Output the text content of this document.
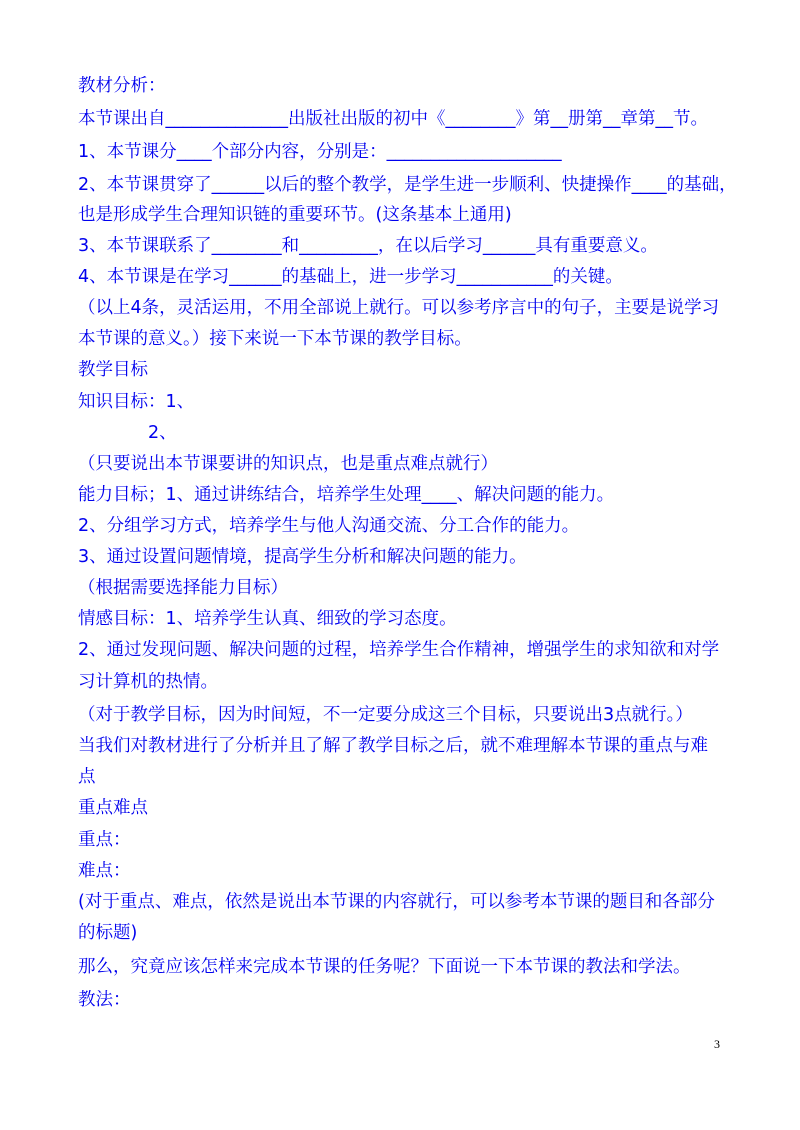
教材分析：
本节课出自______________出版社出版的初中《________》第__册第__章第__节。
1、本节课分____个部分内容，分别是：____________________
2、本节课贯穿了______以后的整个教学，是学生进一步顺利、快捷操作____的基础，
也是形成学生合理知识链的重要环节。(这条基本上通用)
3、本节课联系了________和_________，在以后学习______具有重要意义。
4、本节课是在学习______的基础上，进一步学习___________的关键。
（以上4条，灵活运用，不用全部说上就行。可以参考序言中的句子，主要是说学习
本节课的意义。）接下来说一下本节课的教学目标。
教学目标
知识目标：1、
2、
（只要说出本节课要讲的知识点，也是重点难点就行）
能力目标；1、通过讲练结合，培养学生处理____、解决问题的能力。
2、分组学习方式，培养学生与他人沟通交流、分工合作的能力。
3、通过设置问题情境，提高学生分析和解决问题的能力。
（根据需要选择能力目标）
情感目标：1、培养学生认真、细致的学习态度。
2、通过发现问题、解决问题的过程，培养学生合作精神，增强学生的求知欲和对学
习计算机的热情。
（对于教学目标，因为时间短，不一定要分成这三个目标，只要说出3点就行。）
当我们对教材进行了分析并且了解了教学目标之后，就不难理解本节课的重点与难
点
重点难点
重点：
难点：
(对于重点、难点，依然是说出本节课的内容就行，可以参考本节课的题目和各部分
的标题)
那么，究竟应该怎样来完成本节课的任务呢？下面说一下本节课的教法和学法。
教法：
3
